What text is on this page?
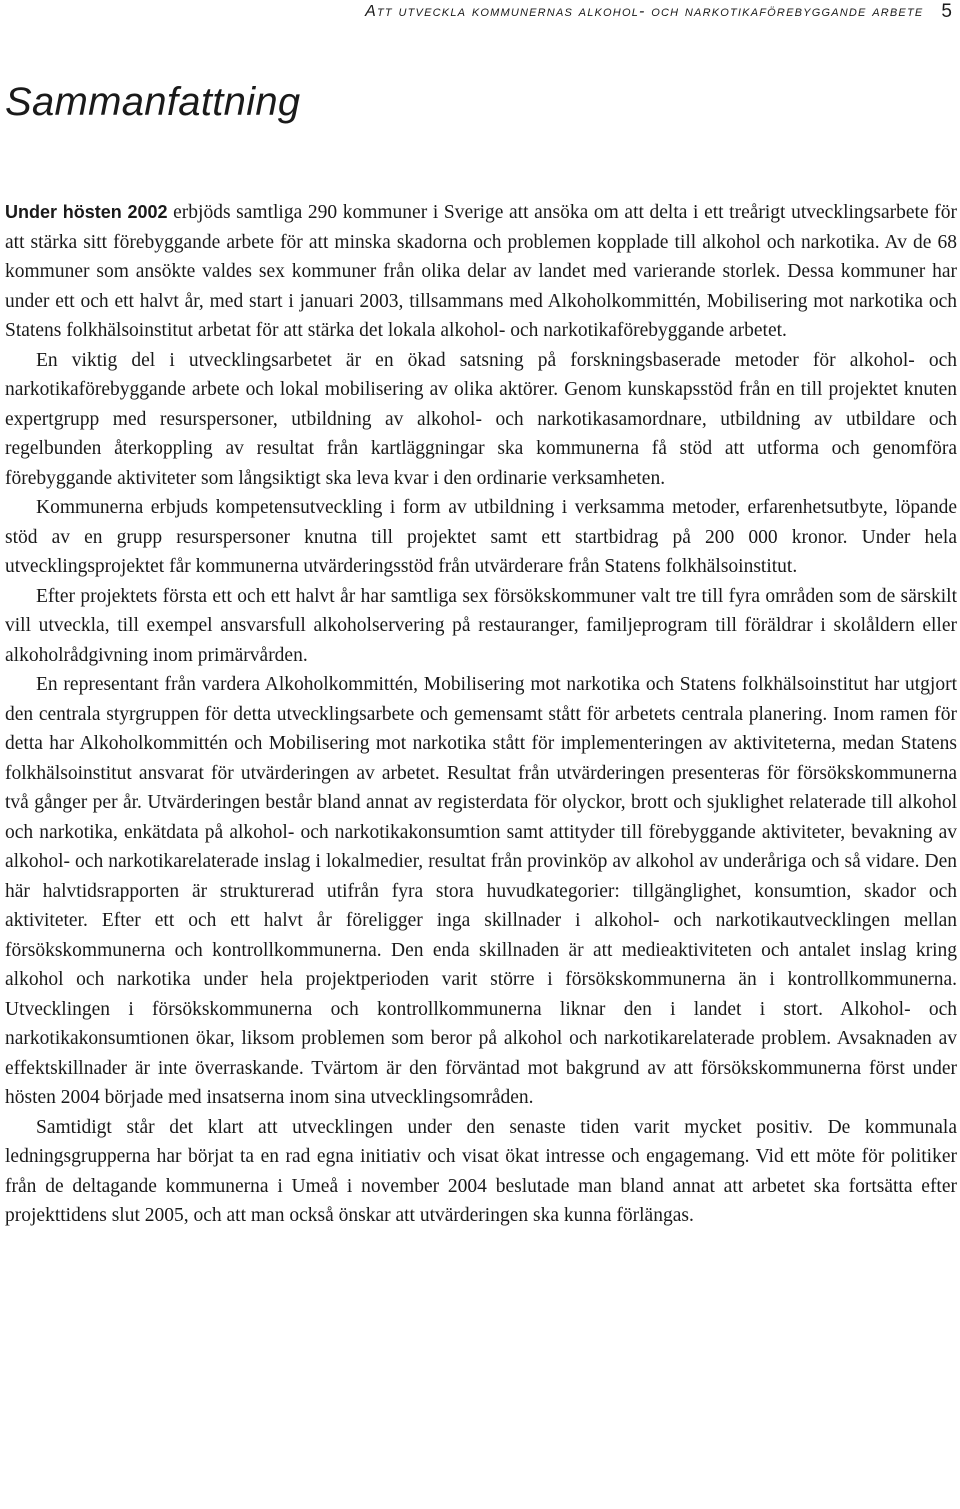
Att utveckla kommunernas alkohol- och narkotikaförebyggande arbete 5
Sammanfattning

Under hösten 2002 erbjöds samtliga 290 kommuner i Sverige att ansöka om att delta i ett treårigt utvecklingsarbete för att stärka sitt förebyggande arbete för att minska skadorna och problemen kopplade till alkohol och narkotika. Av de 68 kommuner som ansökte valdes sex kommuner från olika delar av landet med varierande storlek. Dessa kommuner har under ett och ett halvt år, med start i januari 2003, tillsammans med Alkoholkommittén, Mobilisering mot narkotika och Statens folkhälsoinstitut arbetat för att stärka det lokala alkohol- och narkotikaförebyggande arbetet.

En viktig del i utvecklingsarbetet är en ökad satsning på forskningsbaserade metoder för alkohol- och narkotikaförebyggande arbete och lokal mobilisering av olika aktörer. Genom kunskapsstöd från en till projektet knuten expertgrupp med resurspersoner, utbildning av alkohol- och narkotikasamordnare, utbildning av utbildare och regelbunden återkoppling av resultat från kartläggningar ska kommunerna få stöd att utforma och genomföra förebyggande aktiviteter som långsiktigt ska leva kvar i den ordinarie verksamheten.

Kommunerna erbjuds kompetensutveckling i form av utbildning i verksamma metoder, erfarenhetsutbyte, löpande stöd av en grupp resurspersoner knutna till projektet samt ett startbidrag på 200 000 kronor. Under hela utvecklingsprojektet får kommunerna utvärderingsstöd från utvärderare från Statens folkhälsoinstitut.

Efter projektets första ett och ett halvt år har samtliga sex försökskommuner valt tre till fyra områden som de särskilt vill utveckla, till exempel ansvarsfull alkoholservering på restauranger, familjeprogram till föräldrar i skolåldern eller alkoholrådgivning inom primärvården.

En representant från vardera Alkoholkommittén, Mobilisering mot narkotika och Statens folkhälsoinstitut har utgjort den centrala styrgruppen för detta utvecklingsarbete och gemensamt stått för arbetets centrala planering. Inom ramen för detta har Alkoholkommittén och Mobilisering mot narkotika stått för implementeringen av aktiviteterna, medan Statens folkhälsoinstitut ansvarat för utvärderingen av arbetet. Resultat från utvärderingen presenteras för försökskommunerna två gånger per år. Utvärderingen består bland annat av registerdata för olyckor, brott och sjuklighet relaterade till alkohol och narkotika, enkätdata på alkohol- och narkotikakonsumtion samt attityder till förebyggande aktiviteter, bevakning av alkohol- och narkotikarelaterade inslag i lokalmedier, resultat från provinköp av alkohol av underåriga och så vidare. Den här halvtidsrapporten är strukturerad utifrån fyra stora huvudkategorier: tillgänglighet, konsumtion, skador och aktiviteter. Efter ett och ett halvt år föreligger inga skillnader i alkohol- och narkotikautvecklingen mellan försökskommunerna och kontrollkommunerna. Den enda skillnaden är att medieaktiviteten och antalet inslag kring alkohol och narkotika under hela projektperioden varit större i försökskommunerna än i kontrollkommunerna. Utvecklingen i försökskommunerna och kontrollkommunerna liknar den i landet i stort. Alkohol- och narkotikakonsumtionen ökar, liksom problemen som beror på alkohol och narkotikarelaterade problem. Avsaknaden av effektskillnader är inte överraskande. Tvärtom är den förväntad mot bakgrund av att försökskommunerna först under hösten 2004 började med insatserna inom sina utvecklingsområden.

Samtidigt står det klart att utvecklingen under den senaste tiden varit mycket positiv. De kommunala ledningsgrupperna har börjat ta en rad egna initiativ och visat ökat intresse och engagemang. Vid ett möte för politiker från de deltagande kommunerna i Umeå i november 2004 beslutade man bland annat att arbetet ska fortsätta efter projekttidens slut 2005, och att man också önskar att utvärderingen ska kunna förlängas.
